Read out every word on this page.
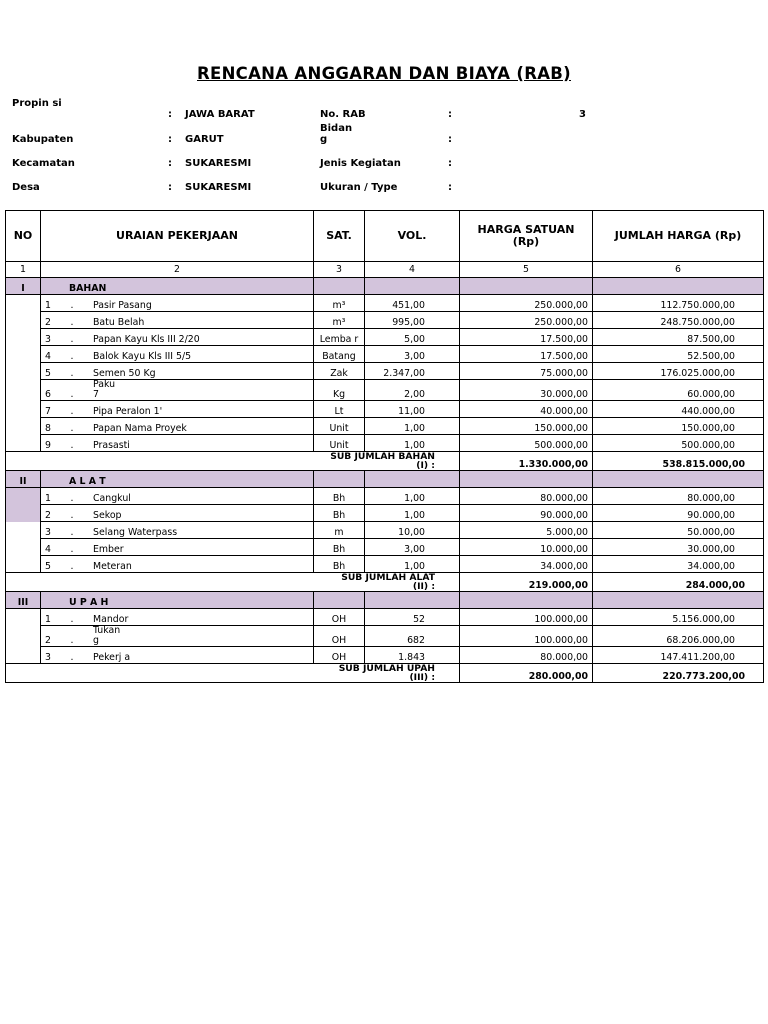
RENCANA ANGGARAN DAN BIAYA (RAB)
Propin si
: JAWA BARAT
Kabupaten	: GARUT
Kecamatan	: SUKARESMI
Desa	: SUKARESMI
No. RAB	:	3
Bidan g	:
Jenis Kegiatan	:
Ukuran / Type	:
NO	URAIAN PEKERJAAN	SAT.	VOL.	HARGA SATUAN (Rp)	JUMLAH HARGA (Rp)
1	2	3	4	5	6
I	BAHAN				
	1 . Pasir Pasang	m³	451,00	250.000,00	112.750.000,00
	2 . Batu Belah	m³	995,00	250.000,00	248.750.000,00
	3 . Papan Kayu Kls III 2/20	Lemba r	5,00	17.500,00	87.500,00
	4 . Balok Kayu Kls III 5/5	Batang	3,00	17.500,00	52.500,00
	5 . Semen 50 Kg	Zak	2.347,00	75.000,00	176.025.000,00
	6 .Paku 7	Kg	2,00	30.000,00	60.000,00
	7 . Pipa Peralon 1'	Lt	11,00	40.000,00	440.000,00
	8 . Papan Nama Proyek	Unit	1,00	150.000,00	150.000,00
	9 . Prasasti	Unit	1,00	500.000,00	500.000,00

SUB JUMLAH BAHAN
(I) :				1.330.000,00	538.815.000,00
II	A L A T				
	1 . Cangkul	Bh	1,00	80.000,00	80.000,00
	2 . Sekop	Bh	1,00	90.000,00	90.000,00
	3 . Selang Waterpass	m	10,00	5.000,00	50.000,00
	4 . Ember	Bh	3,00	10.000,00	30.000,00
	5 . Meteran	Bh	1,00	34.000,00	34.000,00

SUB JUMLAH ALAT
(II) :				219.000,00	284.000,00
III	U P A H				
	1 . Mandor	OH	52	100.000,00	5.156.000,00
	2 .Tukan g	OH	682	100.000,00	68.206.000,00
	3 . Pekerj a	OH	1.843	80.000,00	147.411.200,00

SUB JUMLAH UPAH
(III) :				280.000,00	220.773.200,00
